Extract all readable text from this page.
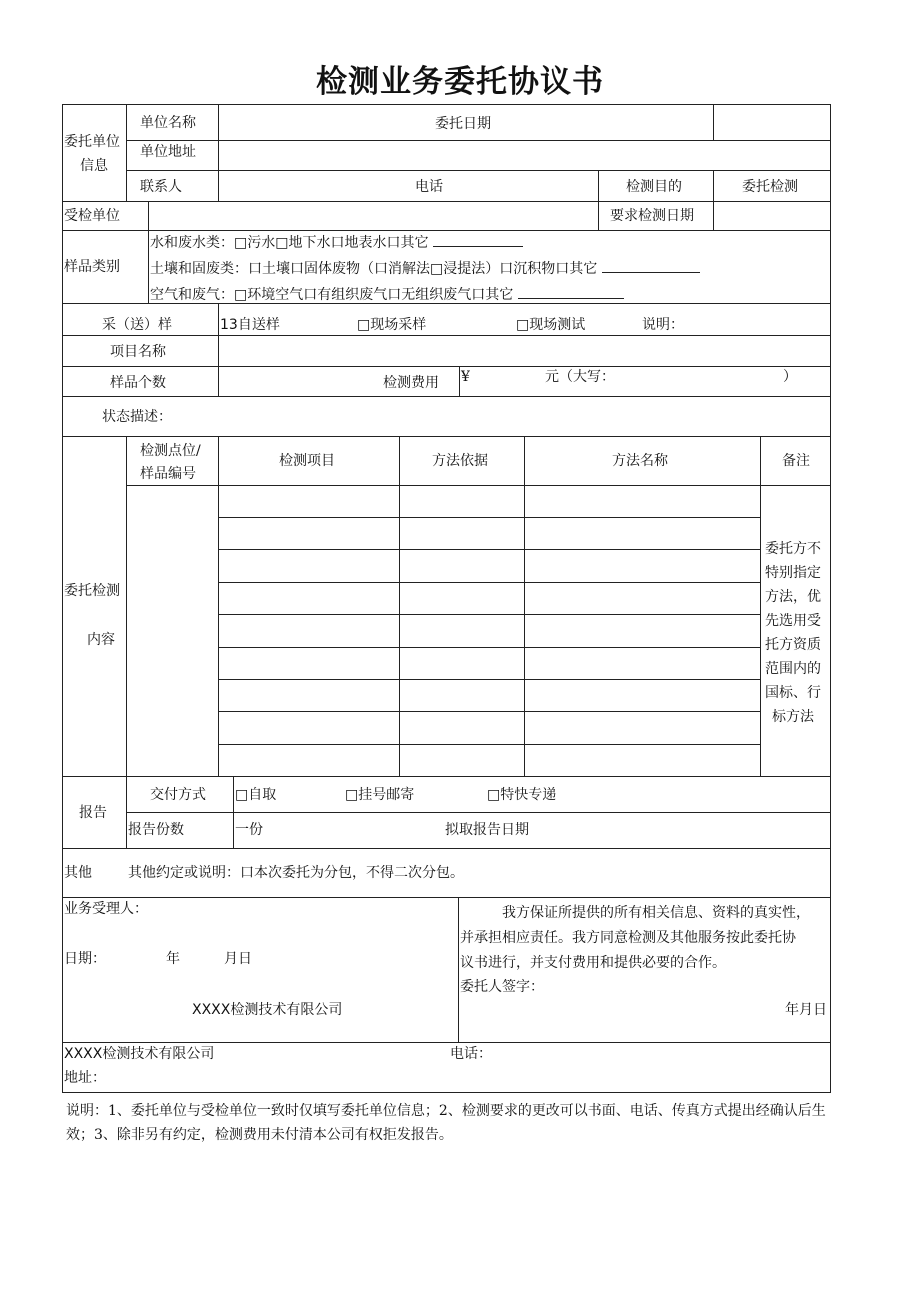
检测业务委托协议书
委托单位
信息
单位名称	委托日期
单位地址
联系人	电话	检测目的	委托检测
受检单位	要求检测日期
样品类别
水和废水类：□污水□地下水口地表水口其它
土壤和固废类：口土壤口固体废物（口消解法□浸提法）口沉积物口其它
空气和废气：□环境空气口有组织废气口无组织废气口其它
采（送）样	13自送样	□现场采样	□现场测试	说明：
项目名称
样品个数	检测费用 ¥	元（大写：	）
状态描述：
检测点位/
样品编号
检测项目	方法依据	方法名称	备注
委托检测
内容
委托方不
特别指定
方法，优
先选用受
托方资质
范围内的
国标、行
标方法
报告
交付方式 □自取	□挂号邮寄	□特快专递
报告份数	一份	拟取报告日期
其他	其他约定或说明：口本次委托为分包，不得二次分包。
业务受理人：
日期：	年	月日
XXXX检测技术有限公司
我方保证所提供的所有相关信息、资料的真实性，
并承担相应责任。我方同意检测及其他服务按此委托协
议书进行，并支付费用和提供必要的合作。
委托人签字：
年月日
XXXX检测技术有限公司	电话：
地址：
说明：1、委托单位与受检单位一致时仅填写委托单位信息；2、检测要求的更改可以书面、电话、传真方式提出经确认后生效；3、除非另有约定，检测费用未付清本公司有权拒发报告。
